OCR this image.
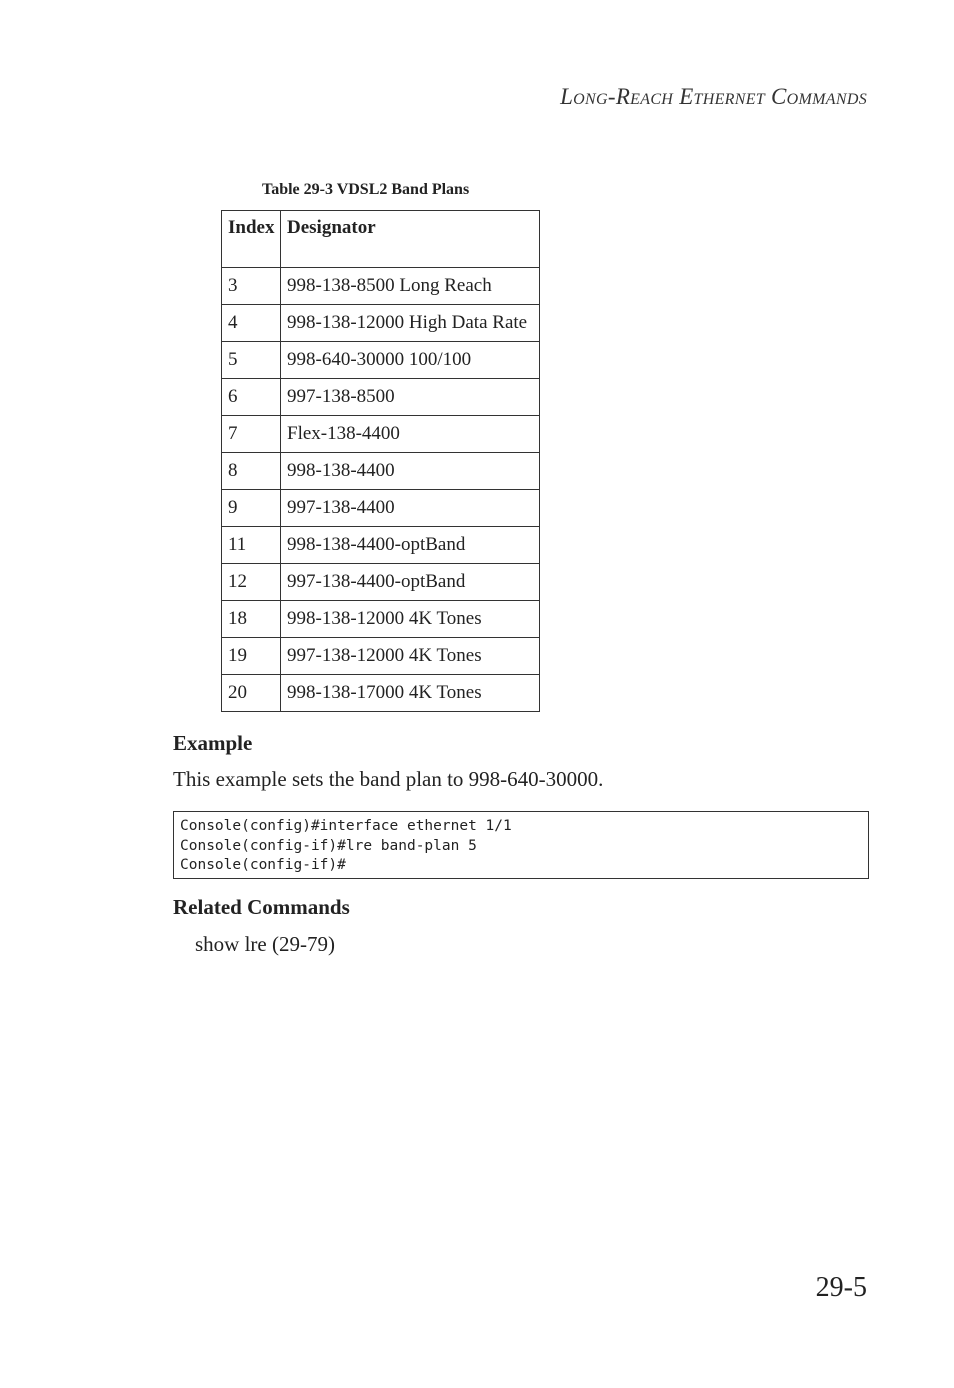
Long-Reach Ethernet Commands
Table 29-3 VDSL2 Band Plans
Index	Designator
3	998-138-8500 Long Reach
4	998-138-12000 High Data Rate
5	998-640-30000 100/100
6	997-138-8500
7	Flex-138-4400
8	998-138-4400
9	997-138-4400
11	998-138-4400-optBand
12	997-138-4400-optBand
18	998-138-12000 4K Tones
19	997-138-12000 4K Tones
20	998-138-17000 4K Tones
Example
This example sets the band plan to 998-640-30000.
Console(config)#interface ethernet 1/1
Console(config-if)#lre band-plan 5
Console(config-if)#
Related Commands
show lre (29-79)
29-5
